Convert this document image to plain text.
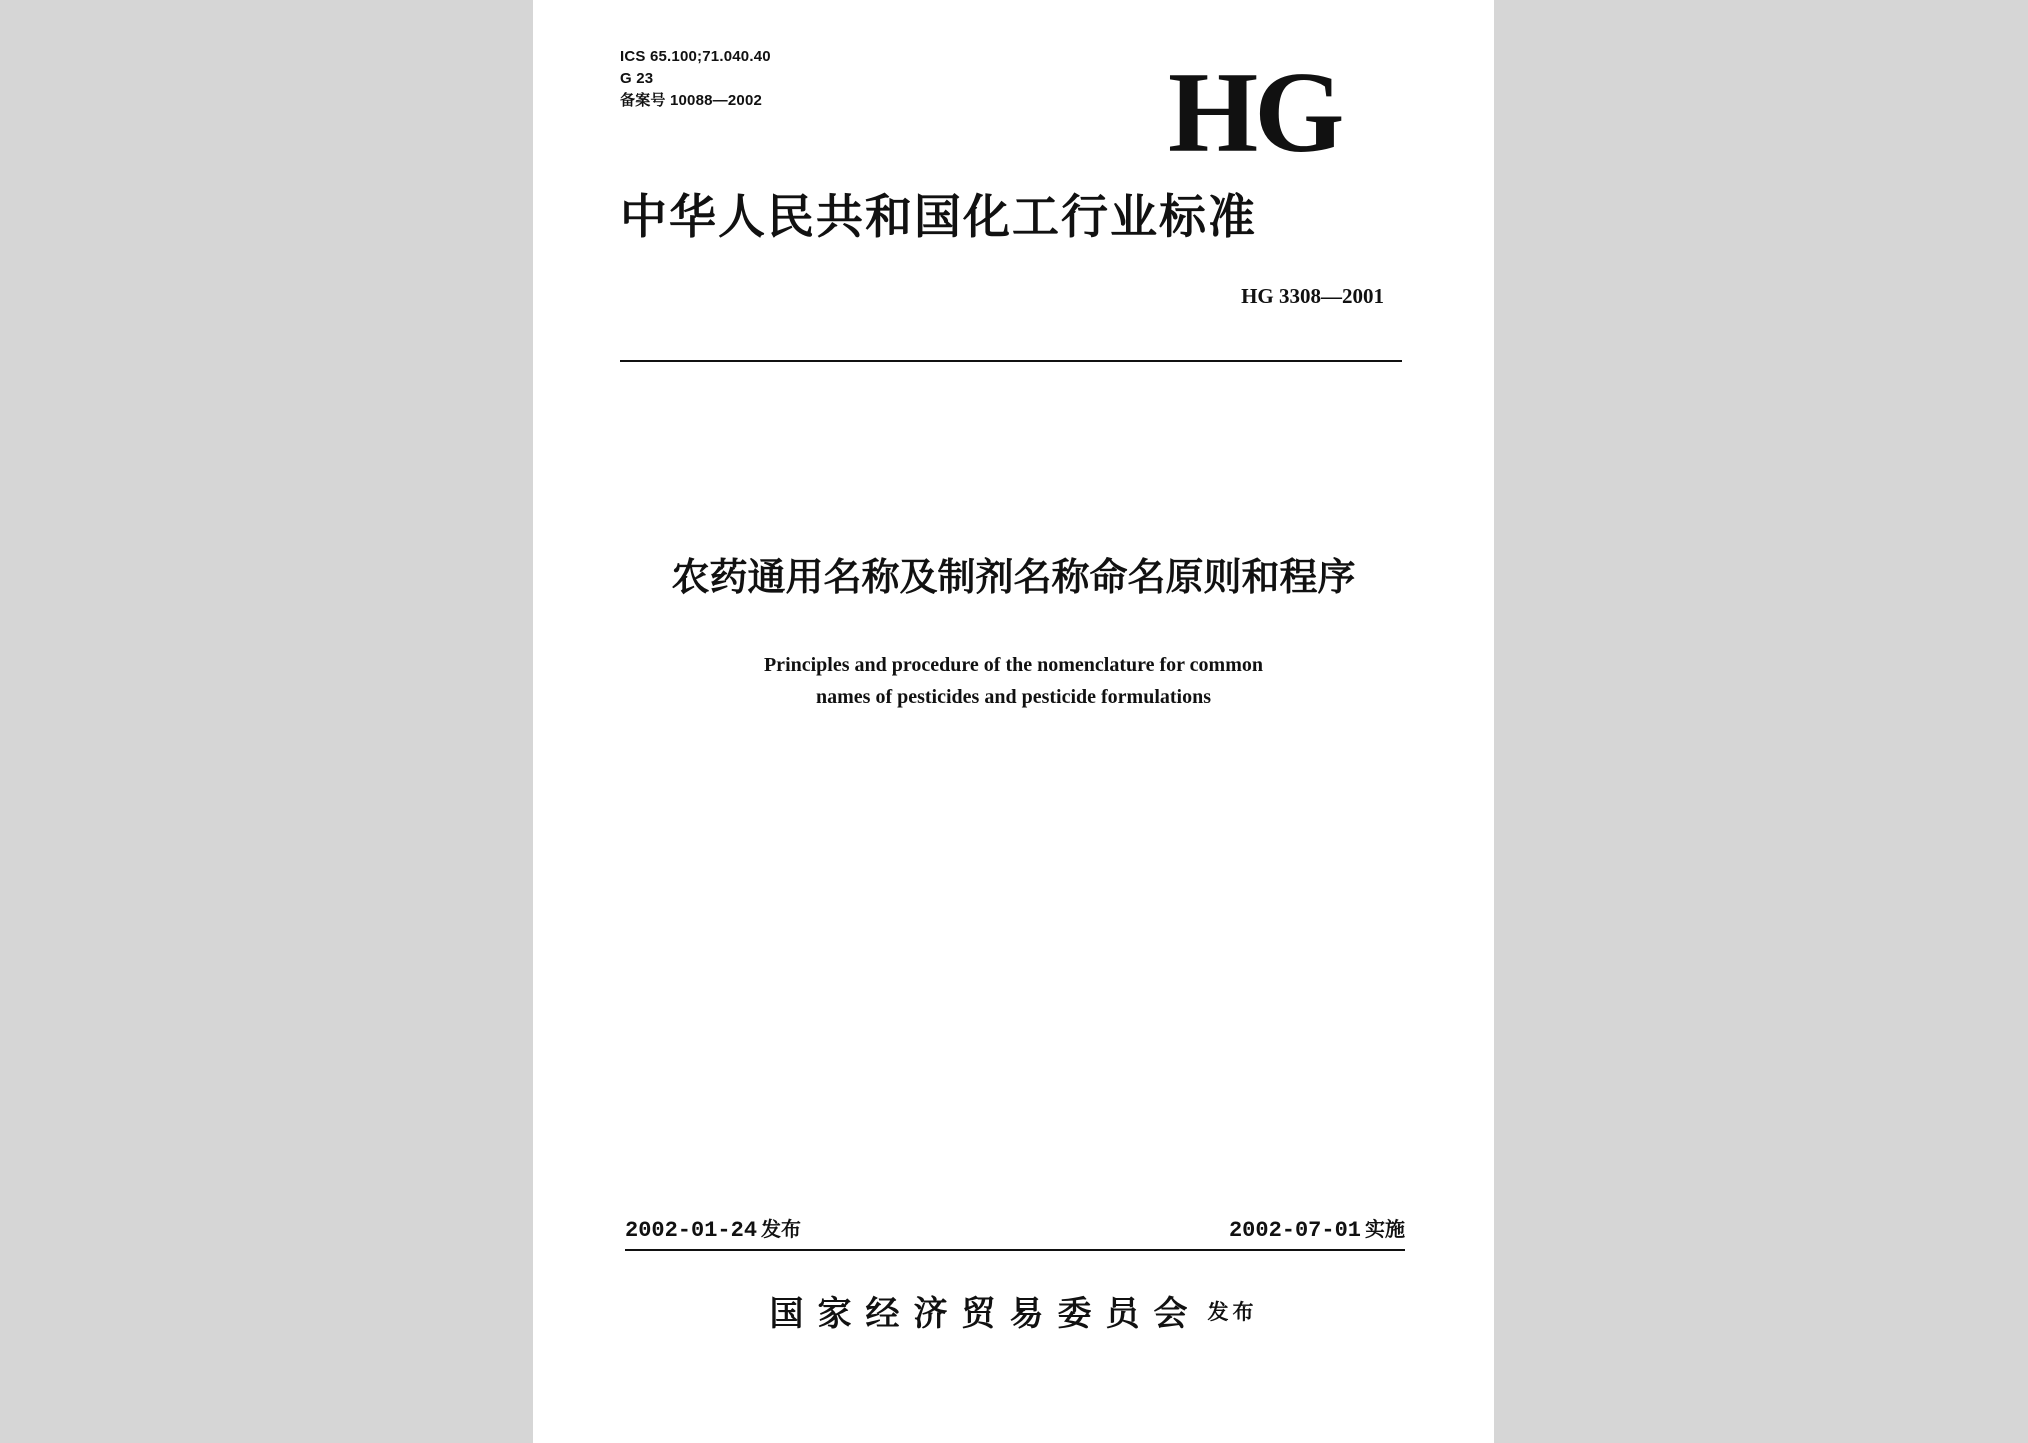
ICS 65.100;71.040.40
G 23
备案号 10088—2002	HG
中华人民共和国化工行业标准
HG 3308—2001
农药通用名称及制剂名称命名原则和程序
Principles and procedure of the nomenclature for common
names of pesticides and pesticide formulations
2002-01-24 发布	2002-07-01 实施
国家经济贸易委员会 发布
